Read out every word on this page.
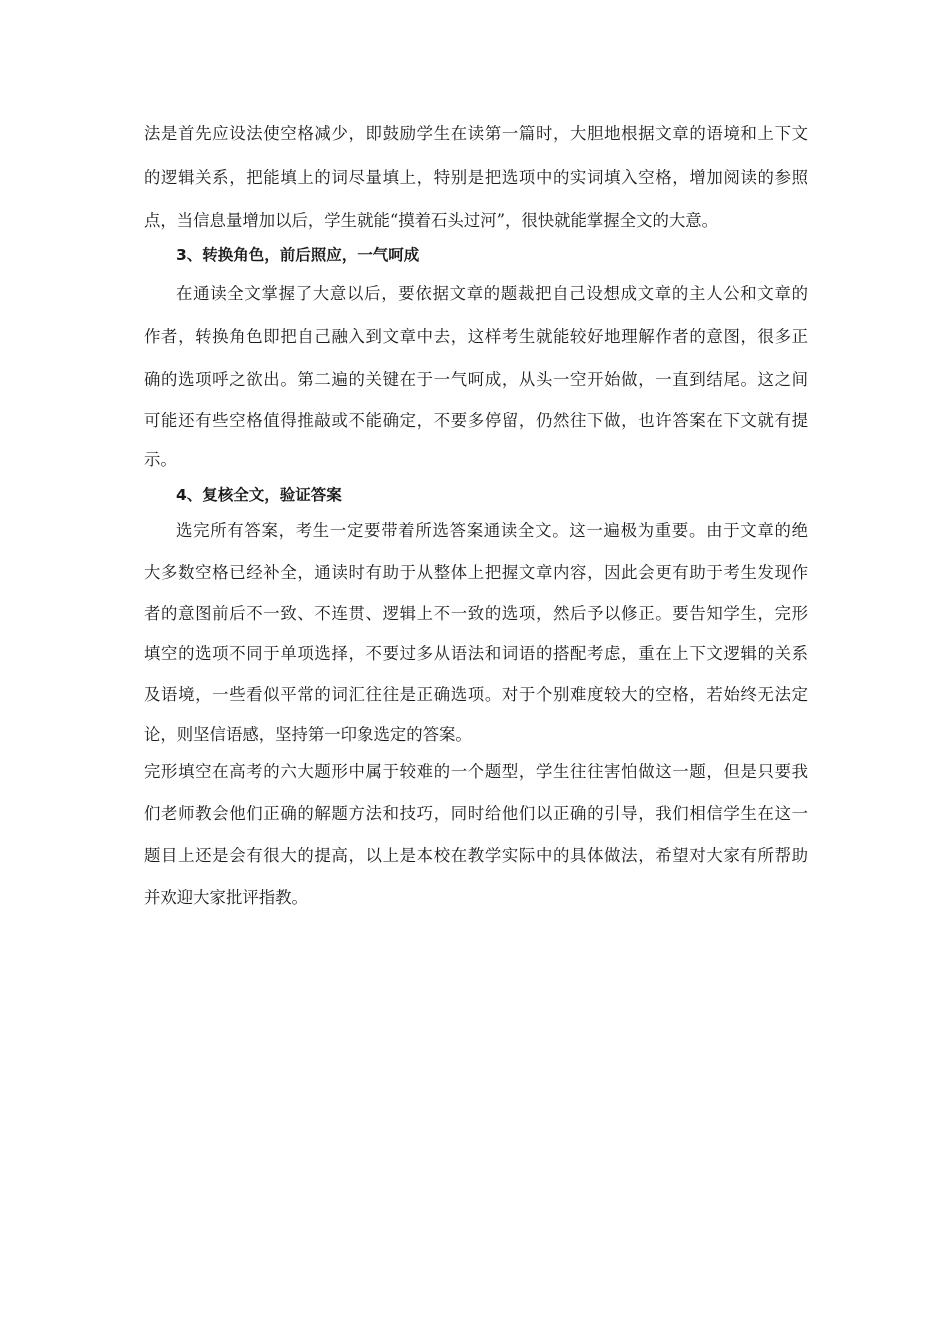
法是首先应设法使空格减少，即鼓励学生在读第一篇时，大胆地根据文章的语境和上下文
的逻辑关系，把能填上的词尽量填上，特别是把选项中的实词填入空格，增加阅读的参照
点，当信息量增加以后，学生就能“摸着石头过河”，很快就能掌握全文的大意。
3、转换角色，前后照应，一气呵成
在通读全文掌握了大意以后，要依据文章的题裁把自己设想成文章的主人公和文章的
作者，转换角色即把自己融入到文章中去，这样考生就能较好地理解作者的意图，很多正
确的选项呼之欲出。第二遍的关键在于一气呵成，从头一空开始做，一直到结尾。这之间
可能还有些空格值得推敲或不能确定，不要多停留，仍然往下做，也许答案在下文就有提
示。
4、复核全文，验证答案
选完所有答案，考生一定要带着所选答案通读全文。这一遍极为重要。由于文章的绝
大多数空格已经补全，通读时有助于从整体上把握文章内容，因此会更有助于考生发现作
者的意图前后不一致、不连贯、逻辑上不一致的选项，然后予以修正。要告知学生，完形
填空的选项不同于单项选择，不要过多从语法和词语的搭配考虑，重在上下文逻辑的关系
及语境，一些看似平常的词汇往往是正确选项。对于个别难度较大的空格，若始终无法定
论，则坚信语感，坚持第一印象选定的答案。
完形填空在高考的六大题形中属于较难的一个题型，学生往往害怕做这一题，但是只要我
们老师教会他们正确的解题方法和技巧，同时给他们以正确的引导，我们相信学生在这一
题目上还是会有很大的提高，以上是本校在教学实际中的具体做法，希望对大家有所帮助
并欢迎大家批评指教。
